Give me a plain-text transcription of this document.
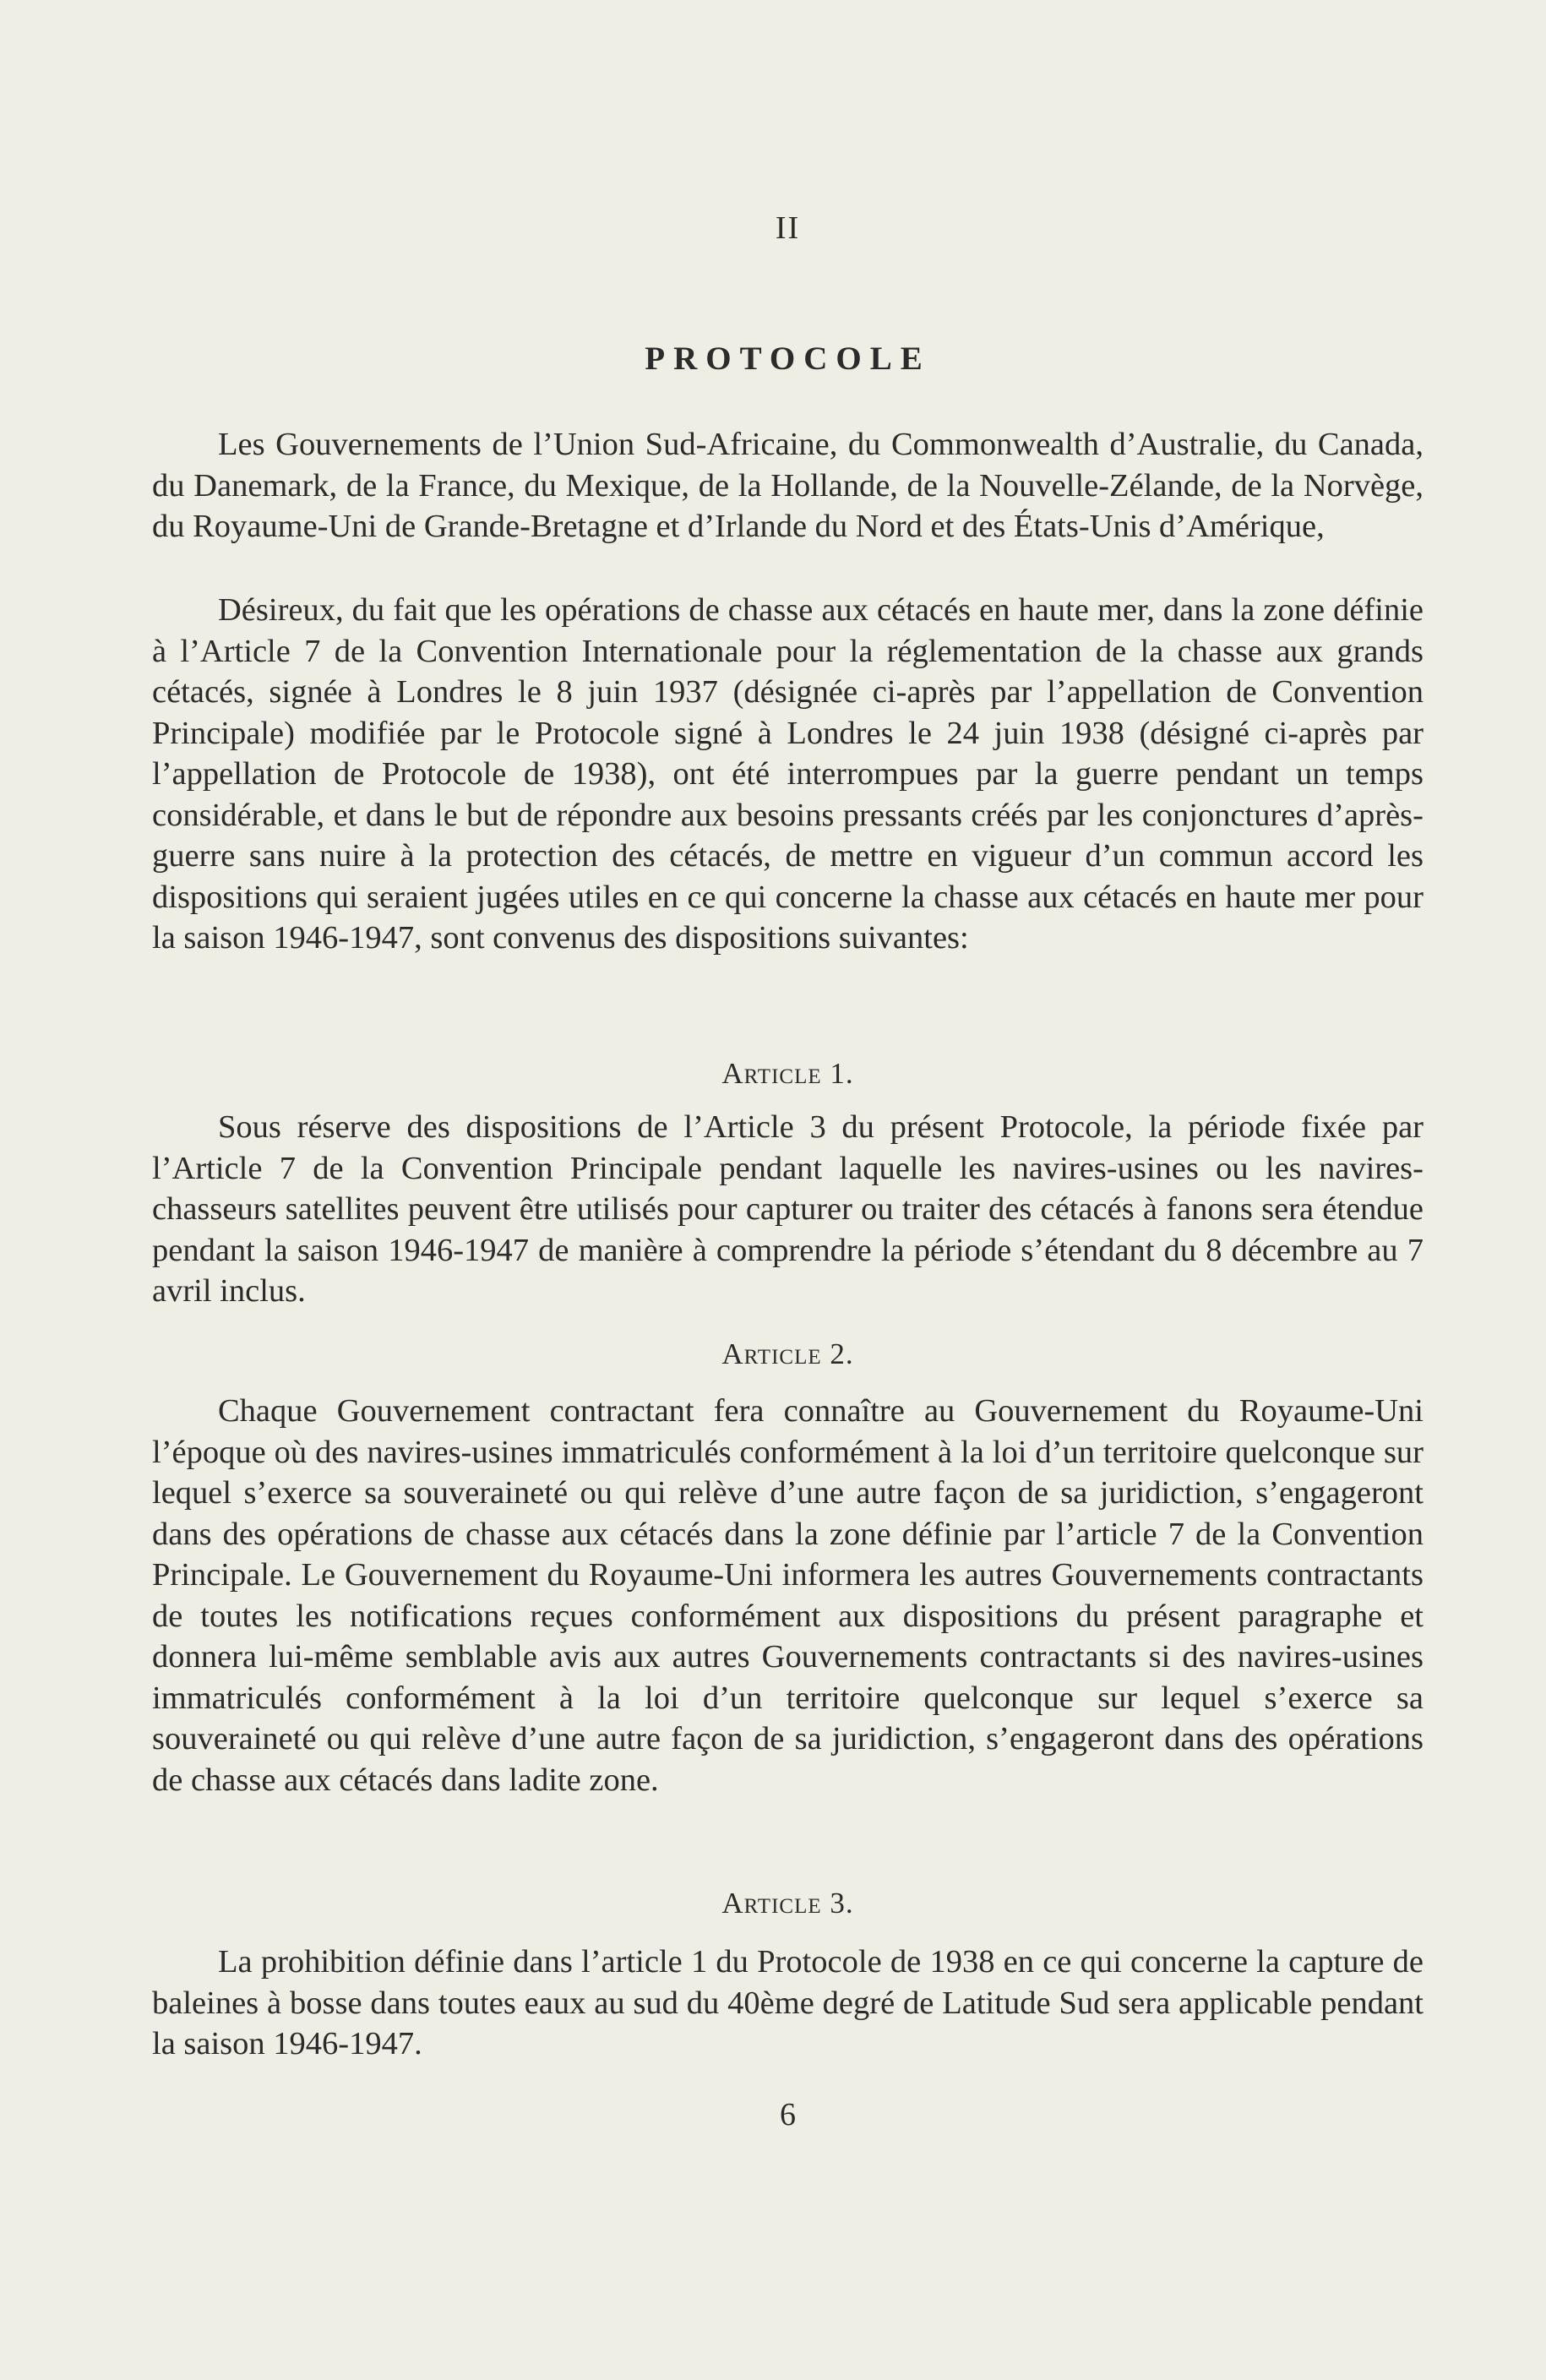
II
PROTOCOLE

Les Gouvernements de l’Union Sud-Africaine, du Commonwealth d’Australie, du Canada, du Danemark, de la France, du Mexique, de la Hollande, de la Nouvelle-Zélande, de la Norvège, du Royaume-Uni de Grande-Bretagne et d’Irlande du Nord et des États-Unis d’Amérique,

Désireux, du fait que les opérations de chasse aux cétacés en haute mer, dans la zone définie à l’Article 7 de la Convention Internationale pour la réglementation de la chasse aux grands cétacés, signée à Londres le 8 juin 1937 (désignée ci-après par l’appellation de Convention Principale) modifiée par le Protocole signé à Londres le 24 juin 1938 (désigné ci-après par l’appellation de Protocole de 1938), ont été interrompues par la guerre pendant un temps considérable, et dans le but de répondre aux besoins pressants créés par les conjonctures d’après-guerre sans nuire à la protection des cétacés, de mettre en vigueur d’un commun accord les dispositions qui seraient jugées utiles en ce qui concerne la chasse aux cétacés en haute mer pour la saison 1946-1947, sont convenus des dispositions suivantes:

Article 1.

Sous réserve des dispositions de l’Article 3 du présent Protocole, la période fixée par l’Article 7 de la Convention Principale pendant laquelle les navires-usines ou les navires-chasseurs satellites peuvent être utilisés pour capturer ou traiter des cétacés à fanons sera étendue pendant la saison 1946-1947 de manière à comprendre la période s’étendant du 8 décembre au 7 avril inclus.

Article 2.

Chaque Gouvernement contractant fera connaître au Gouvernement du Royaume-Uni l’époque où des navires-usines immatriculés conformément à la loi d’un territoire quelconque sur lequel s’exerce sa souveraineté ou qui relève d’une autre façon de sa juridiction, s’engageront dans des opérations de chasse aux cétacés dans la zone définie par l’article 7 de la Convention Principale. Le Gouvernement du Royaume-Uni informera les autres Gouvernements contractants de toutes les notifications reçues conformément aux dispositions du présent paragraphe et donnera lui-même semblable avis aux autres Gouvernements contractants si des navires-usines immatriculés conformément à la loi d’un territoire quelconque sur lequel s’exerce sa souveraineté ou qui relève d’une autre façon de sa juridiction, s’engageront dans des opérations de chasse aux cétacés dans ladite zone.

Article 3.

La prohibition définie dans l’article 1 du Protocole de 1938 en ce qui concerne la capture de baleines à bosse dans toutes eaux au sud du 40ème degré de Latitude Sud sera applicable pendant la saison 1946-1947.

6
